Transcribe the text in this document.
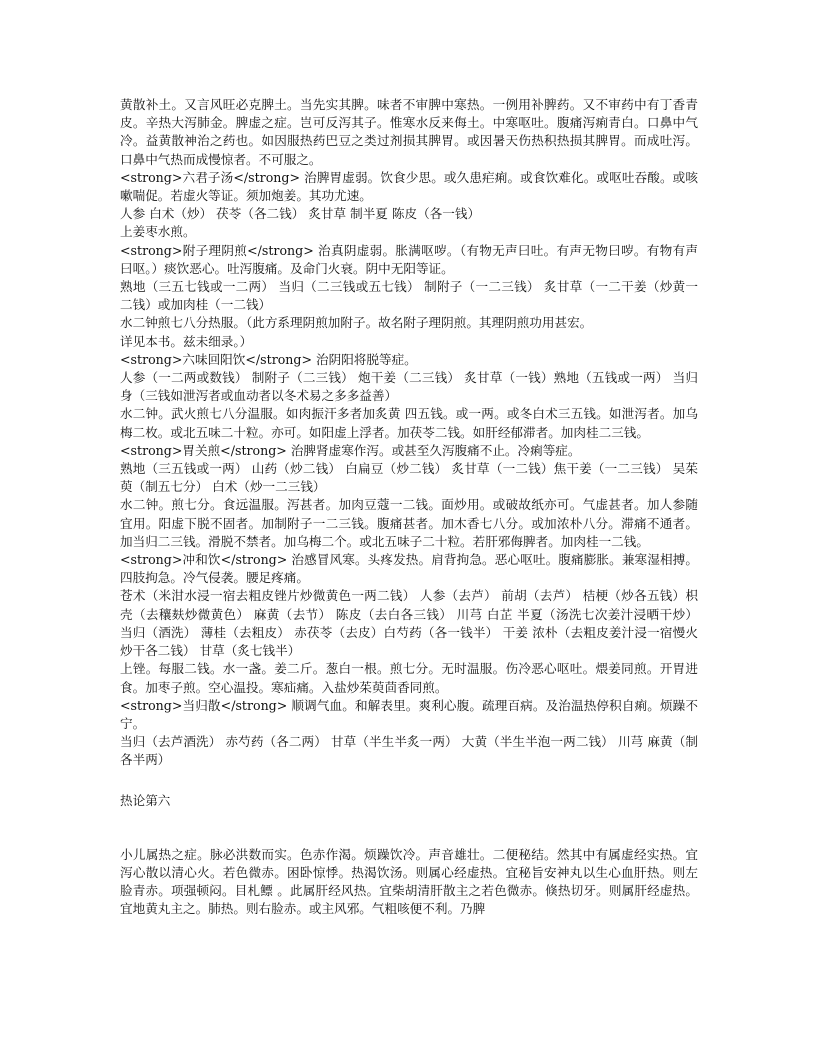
黄散补土。又言风旺必克脾土。当先实其脾。味者不审脾中寒热。一例用补脾药。又不审药中有丁香青皮。辛热大泻肺金。脾虚之症。岂可反泻其子。惟寒水反来侮土。中寒呕吐。腹痛泻痢青白。口鼻中气冷。益黄散神治之药也。如因服热药巴豆之类过剂损其脾胃。或因暑天伤热积热损其脾胃。而成吐泻。口鼻中气热而成慢惊者。不可服之。

<strong>六君子汤</strong> 治脾胃虚弱。饮食少思。或久患疟痢。或食饮难化。或呕吐吞酸。或咳嗽喘促。若虚火等证。须加炮姜。其功尤速。

人参 白术（炒） 茯苓（各二钱） 炙甘草 制半夏 陈皮（各一钱）

上姜枣水煎。

<strong>附子理阴煎</strong> 治真阴虚弱。胀满呕哕。（有物无声曰吐。有声无物曰哕。有物有声曰呕。）痰饮恶心。吐泻腹痛。及命门火衰。阴中无阳等证。

熟地（三五七钱或一二两） 当归（二三钱或五七钱） 制附子（一二三钱） 炙甘草（一二干姜（炒黄一二钱）或加肉桂（一二钱）

水二钟煎七八分热服。（此方系理阴煎加附子。故名附子理阴煎。其理阴煎功用甚宏。

详见本书。兹未细录。）

<strong>六味回阳饮</strong> 治阴阳将脱等症。

人参（一二两或数钱） 制附子（二三钱） 炮干姜（二三钱） 炙甘草（一钱）熟地（五钱或一两） 当归身（三钱如泄泻者或血动者以冬术易之多多益善）

水二钟。武火煎七八分温服。如肉振汗多者加炙黄 四五钱。或一两。或冬白术三五钱。如泄泻者。加乌梅二枚。或北五味二十粒。亦可。如阳虚上浮者。加茯苓二钱。如肝经郁滞者。加肉桂二三钱。

<strong>胃关煎</strong> 治脾肾虚寒作泻。或甚至久泻腹痛不止。冷痢等症。

熟地（三五钱或一两） 山药（炒二钱） 白扁豆（炒二钱） 炙甘草（一二钱）焦干姜（一二三钱） 吴茱萸（制五七分） 白术（炒一二三钱）

水二钟。煎七分。食远温服。泻甚者。加肉豆蔻一二钱。面炒用。或破故纸亦可。气虚甚者。加人参随宜用。阳虚下脱不固者。加制附子一二三钱。腹痛甚者。加木香七八分。或加浓朴八分。滞痛不通者。加当归二三钱。滑脱不禁者。加乌梅二个。或北五味子二十粒。若肝邪侮脾者。加肉桂一二钱。

<strong>冲和饮</strong> 治感冒风寒。头疼发热。肩背拘急。恶心呕吐。腹痛膨胀。兼寒湿相搏。四肢拘急。冷气侵袭。腰足疼痛。

苍术（米泔水浸一宿去粗皮锉片炒微黄色一两二钱） 人参（去芦） 前胡（去芦） 桔梗（炒各五钱）枳壳（去穰麸炒微黄色） 麻黄（去节） 陈皮（去白各三钱） 川芎 白芷 半夏（汤洗七次姜汁浸晒干炒） 当归（酒洗） 薄桂（去粗皮） 赤茯苓（去皮）白芍药（各一钱半） 干姜 浓朴（去粗皮姜汁浸一宿慢火炒干各二钱） 甘草（炙七钱半）

上锉。每服二钱。水一盏。姜二斤。葱白一根。煎七分。无时温服。伤冷恶心呕吐。煨姜同煎。开胃进食。加枣子煎。空心温投。寒疝痛。入盐炒茱萸茴香同煎。

<strong>当归散</strong> 顺调气血。和解表里。爽利心腹。疏理百病。及治温热停积自痢。烦躁不宁。

当归（去芦酒洗） 赤芍药（各二两） 甘草（半生半炙一两） 大黄（半生半泡一两二钱） 川芎 麻黄（制各半两）

热论第六

小儿属热之症。脉必洪数而实。色赤作渴。烦躁饮冷。声音雄壮。二便秘结。然其中有属虚经实热。宜泻心散以清心火。若色微赤。困卧惊悸。热渴饮汤。则属心经虚热。宜秘旨安神丸以生心血肝热。则左脸青赤。项强顿闷。目札鳔 。此属肝经风热。宜柴胡清肝散主之若色微赤。倏热切牙。则属肝经虚热。宜地黄丸主之。肺热。则右脸赤。或主风邪。气粗咳便不利。乃脾
